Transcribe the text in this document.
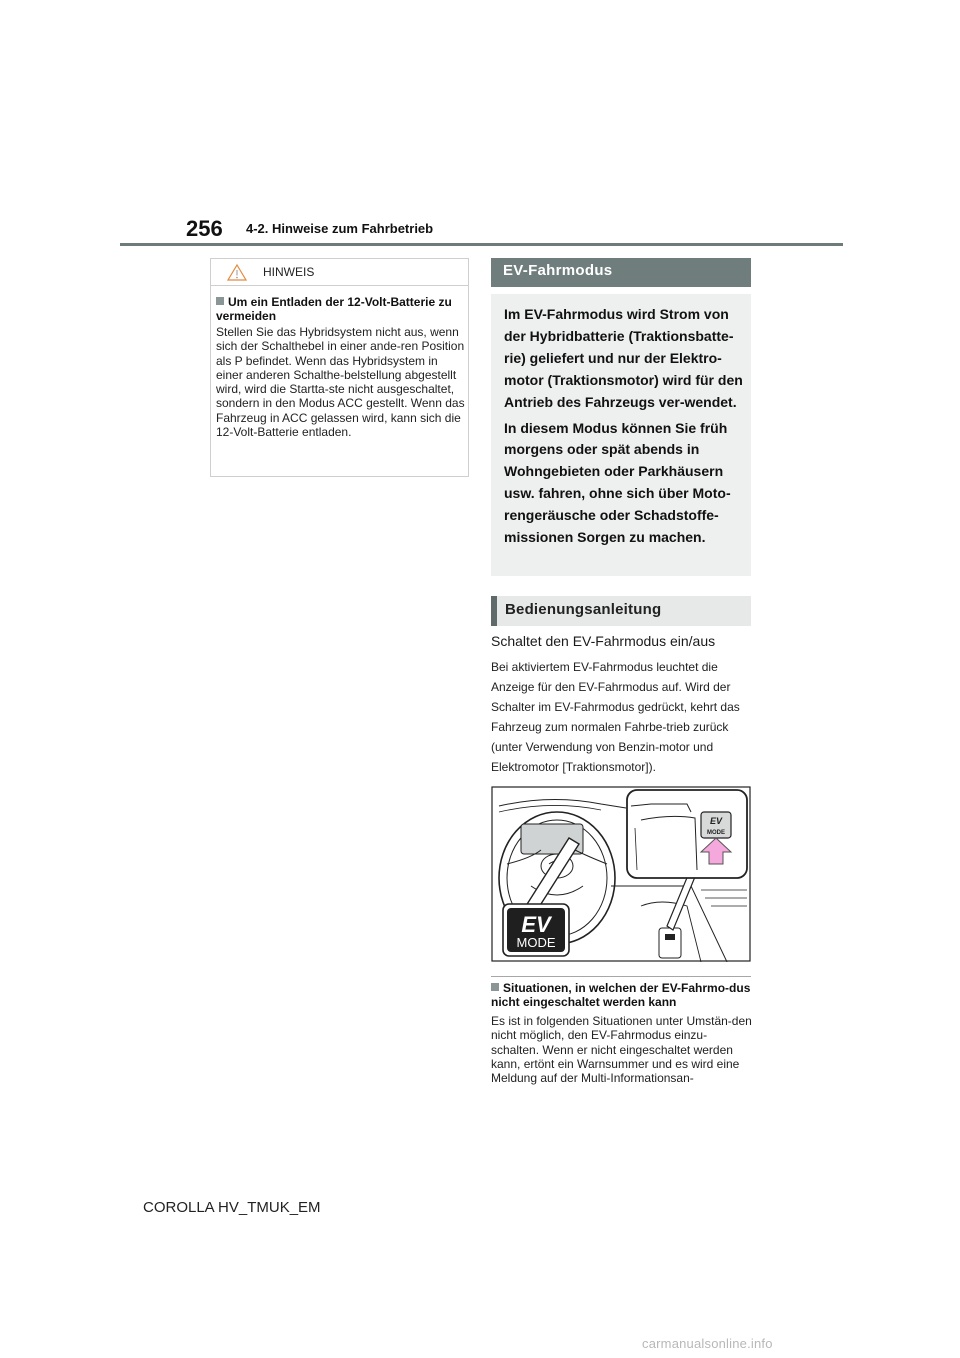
256 4-2. Hinweise zum Fahrbetrieb
HINWEIS
Um ein Entladen der 12-Volt-Batterie zu vermeiden
Stellen Sie das Hybridsystem nicht aus, wenn sich der Schalthebel in einer ande-ren Position als P befindet. Wenn das Hybridsystem in einer anderen Schalthe-belstellung abgestellt wird, wird die Startta-ste nicht ausgeschaltet, sondern in den Modus ACC gestellt. Wenn das Fahrzeug in ACC gelassen wird, kann sich die 12-Volt-Batterie entladen.
EV-Fahrmodus

Im EV-Fahrmodus wird Strom von der Hybridbatterie (Traktionsbatte-rie) geliefert und nur der Elektro-motor (Traktionsmotor) wird für den Antrieb des Fahrzeugs ver-wendet.

In diesem Modus können Sie früh morgens oder spät abends in Wohngebieten oder Parkhäusern usw. fahren, ohne sich über Moto-rengeräusche oder Schadstoffe-missionen Sorgen zu machen.

Bedienungsanleitung
Schaltet den EV-Fahrmodus ein/aus
Bei aktiviertem EV-Fahrmodus leuchtet die Anzeige für den EV-Fahrmodus auf. Wird der Schalter im EV-Fahrmodus gedrückt, kehrt das Fahrzeug zum normalen Fahrbe-trieb zurück (unter Verwendung von Benzin-motor und Elektromotor [Traktionsmotor]).
EV
MODE
EV
MODE
Situationen, in welchen der EV-Fahrmo-dus nicht eingeschaltet werden kann
Es ist in folgenden Situationen unter Umstän-den nicht möglich, den EV-Fahrmodus einzu-schalten. Wenn er nicht eingeschaltet werden kann, ertönt ein Warnsummer und es wird eine Meldung auf der Multi-Informationsan-
COROLLA HV_TMUK_EM
carmanualsonline.info
